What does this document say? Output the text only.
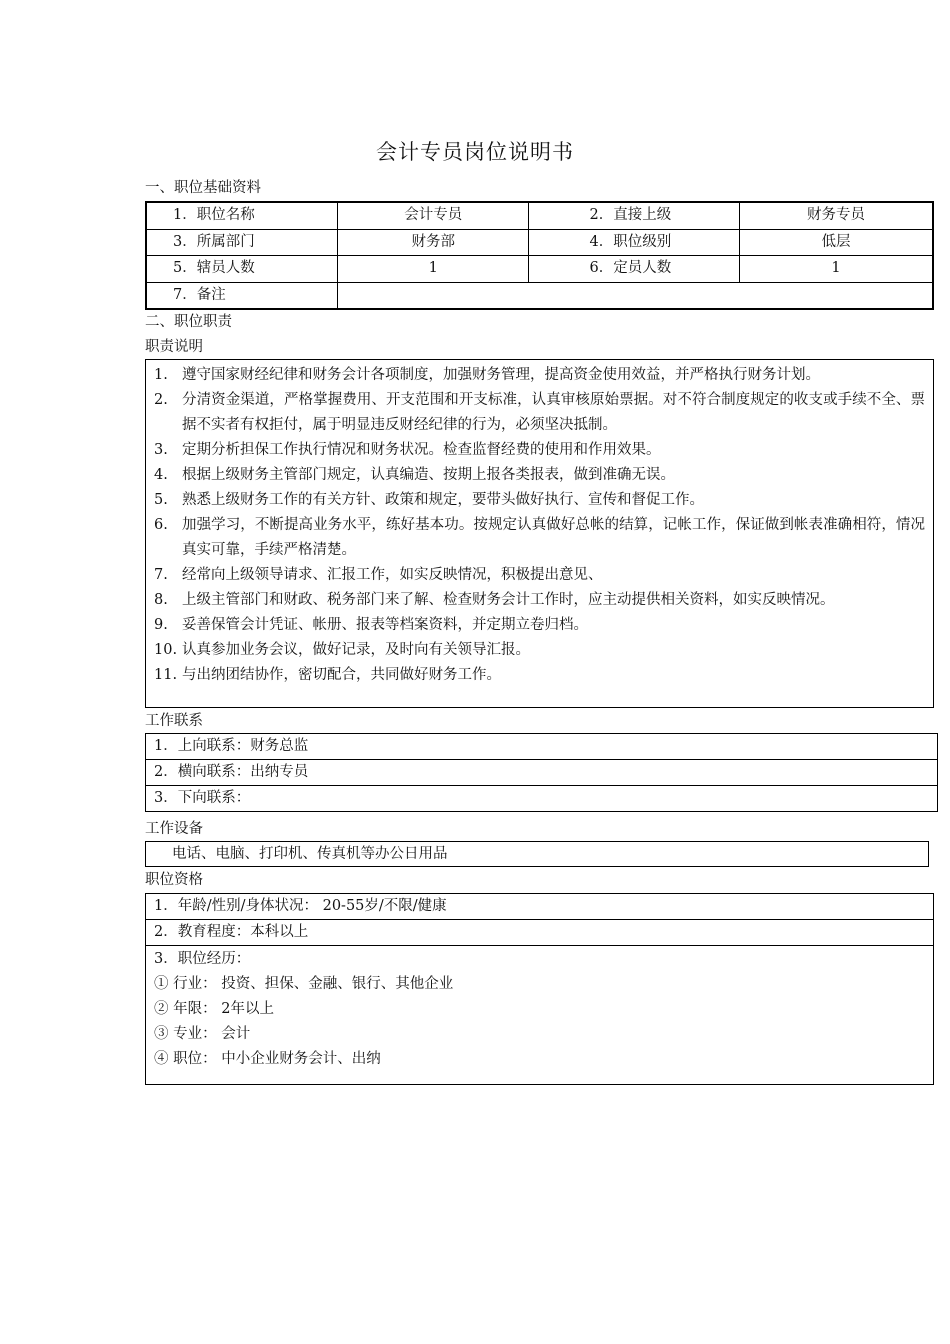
会计专员岗位说明书
一、职位基础资料
1．职位名称	会计专员	2．直接上级	财务专员
3．所属部门	财务部	4．职位级别	低层
5．辖员人数	1	6．定员人数	1
7．备注			
二、职位职责
职责说明
1. 遵守国家财经纪律和财务会计各项制度，加强财务管理，提高资金使用效益，并严格执行财务计划。
2. 分清资金渠道，严格掌握费用、开支范围和开支标准，认真审核原始票据。对不符合制度规定的收支或手续不全、票据不实者有权拒付，属于明显违反财经纪律的行为，必须坚决抵制。
3. 定期分析担保工作执行情况和财务状况。检查监督经费的使用和作用效果。
4. 根据上级财务主管部门规定，认真编造、按期上报各类报表，做到准确无误。
5. 熟悉上级财务工作的有关方针、政策和规定，要带头做好执行、宣传和督促工作。
6. 加强学习，不断提高业务水平，练好基本功。按规定认真做好总帐的结算，记帐工作，保证做到帐表准确相符，情况真实可靠，手续严格清楚。
7. 经常向上级领导请求、汇报工作，如实反映情况，积极提出意见、
8. 上级主管部门和财政、税务部门来了解、检查财务会计工作时，应主动提供相关资料，如实反映情况。
9. 妥善保管会计凭证、帐册、报表等档案资料，并定期立卷归档。
10. 认真参加业务会议，做好记录，及时向有关领导汇报。
11. 与出纳团结协作，密切配合，共同做好财务工作。
工作联系
1．上向联系：财务总监
2．横向联系：出纳专员
3．下向联系：
工作设备
电话、电脑、打印机、传真机等办公日用品
职位资格
1．年龄/性别/身体状况： 20-55岁/不限/健康
2．教育程度：本科以上

3．职位经历：
① 行业： 投资、担保、金融、银行、其他企业
② 年限： 2年以上
③ 专业： 会计
④ 职位： 中小企业财务会计、出纳
